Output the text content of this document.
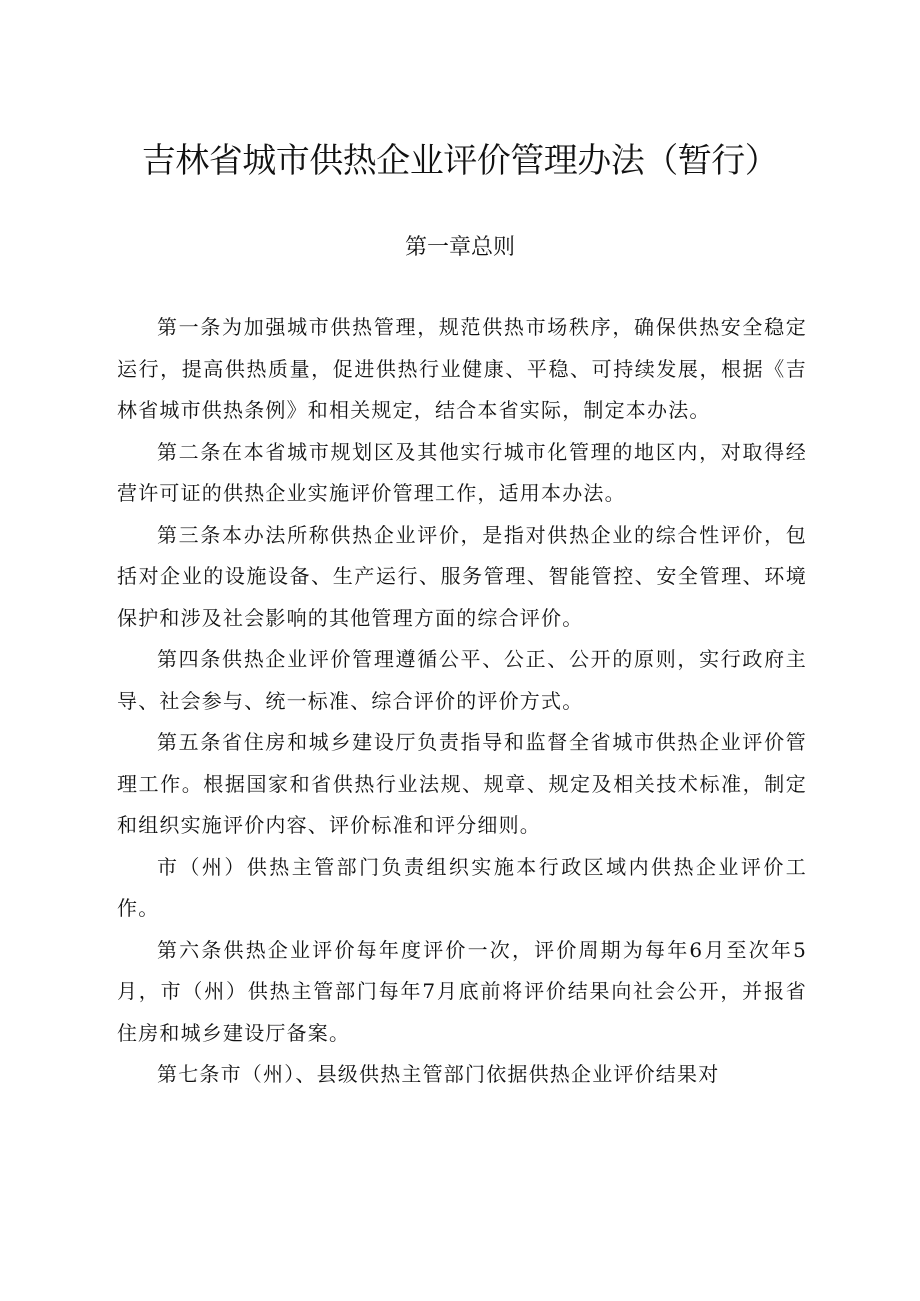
吉林省城市供热企业评价管理办法（暂行）
第一章总则

第一条为加强城市供热管理，规范供热市场秩序，确保供热安全稳定运行，提高供热质量，促进供热行业健康、平稳、可持续发展，根据《吉林省城市供热条例》和相关规定，结合本省实际，制定本办法。

第二条在本省城市规划区及其他实行城市化管理的地区内，对取得经营许可证的供热企业实施评价管理工作，适用本办法。

第三条本办法所称供热企业评价，是指对供热企业的综合性评价，包括对企业的设施设备、生产运行、服务管理、智能管控、安全管理、环境保护和涉及社会影响的其他管理方面的综合评价。

第四条供热企业评价管理遵循公平、公正、公开的原则，实行政府主导、社会参与、统一标准、综合评价的评价方式。

第五条省住房和城乡建设厅负责指导和监督全省城市供热企业评价管理工作。根据国家和省供热行业法规、规章、规定及相关技术标准，制定和组织实施评价内容、评价标准和评分细则。

市（州）供热主管部门负责组织实施本行政区域内供热企业评价工作。

第六条供热企业评价每年度评价一次，评价周期为每年6月至次年5月，市（州）供热主管部门每年7月底前将评价结果向社会公开，并报省住房和城乡建设厅备案。

第七条市（州）、县级供热主管部门依据供热企业评价结果对
